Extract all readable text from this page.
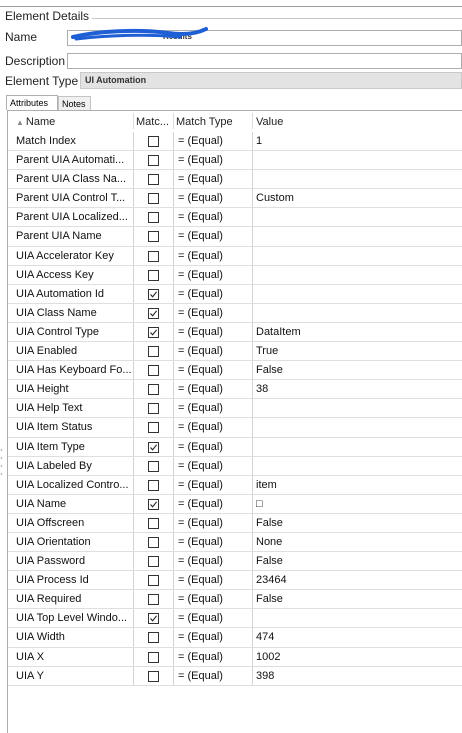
Element Details
Name	Results
Description
Element Type UI Automation
Attributes	Notes
▲ Name	Matc... Match Type	Value
Match Index	= (Equal)	1
Parent UIA Automati...	= (Equal)
Parent UIA Class Na...	= (Equal)
Parent UIA Control T...	= (Equal)	Custom
Parent UIA Localized...	= (Equal)
Parent UIA Name	= (Equal)
UIA Accelerator Key	= (Equal)
UIA Access Key	= (Equal)
UIA Automation Id	= (Equal)
UIA Class Name	= (Equal)
UIA Control Type	= (Equal)	DataItem
UIA Enabled	= (Equal)	True
UIA Has Keyboard Fo...	= (Equal)	False
UIA Height	= (Equal)	38
UIA Help Text	= (Equal)
UIA Item Status	= (Equal)
UIA Item Type	= (Equal)
UIA Labeled By	= (Equal)
UIA Localized Contro...	= (Equal)	item
UIA Name	= (Equal)	□
UIA Offscreen	= (Equal)	False
UIA Orientation	= (Equal)	None
UIA Password	= (Equal)	False
UIA Process Id	= (Equal)	23464
UIA Required	= (Equal)	False
UIA Top Level Windo...	= (Equal)
UIA Width	= (Equal)	474
UIA X	= (Equal)	1002
UIA Y	= (Equal)	398
